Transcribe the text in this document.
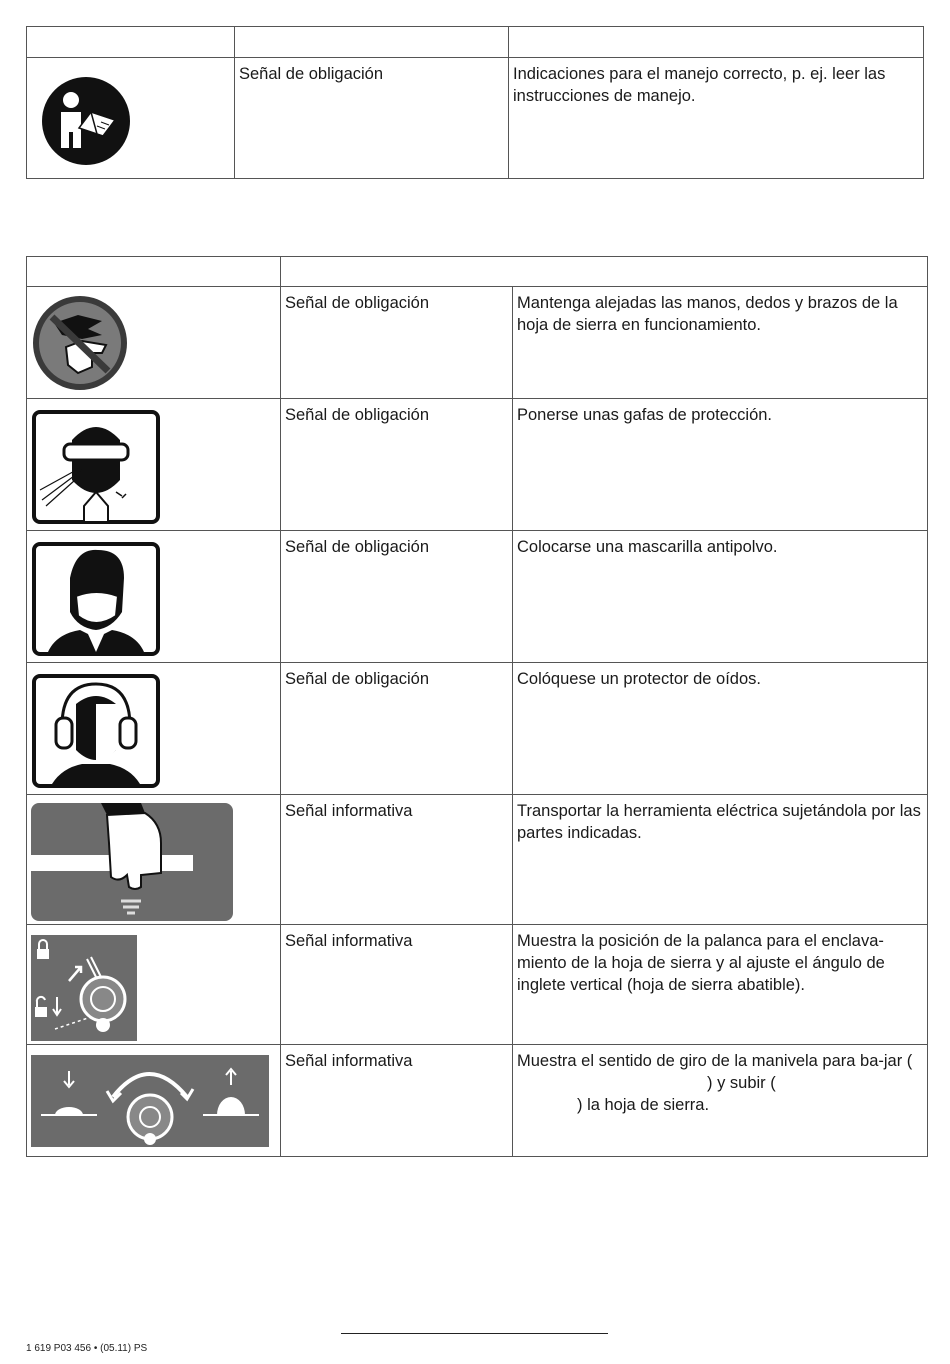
	Señal de obligación	Indicaciones para el manejo correcto, p. ej. leer las instrucciones de manejo.

	Señal de obligación	Mantenga alejadas las manos, dedos y brazos de la hoja de sierra en funcionamiento.

	Señal de obligación	Ponerse unas gafas de protección.

	Señal de obligación	Colocarse una mascarilla antipolvo.

	Señal de obligación	Colóquese un protector de oídos.

	Señal informativa	Transportar la herramienta eléctrica sujetándola por las partes indicadas.

	Señal informativa	Muestra la posición de la palanca para el enclava-miento de la hoja de sierra y al ajuste el ángulo de inglete vertical (hoja de sierra abatible).

	Señal informativa	Muestra el sentido de giro de la manivela para ba-jar () y subir (
) la hoja de sierra.
1 619 P03 456 • (05.11) PS
